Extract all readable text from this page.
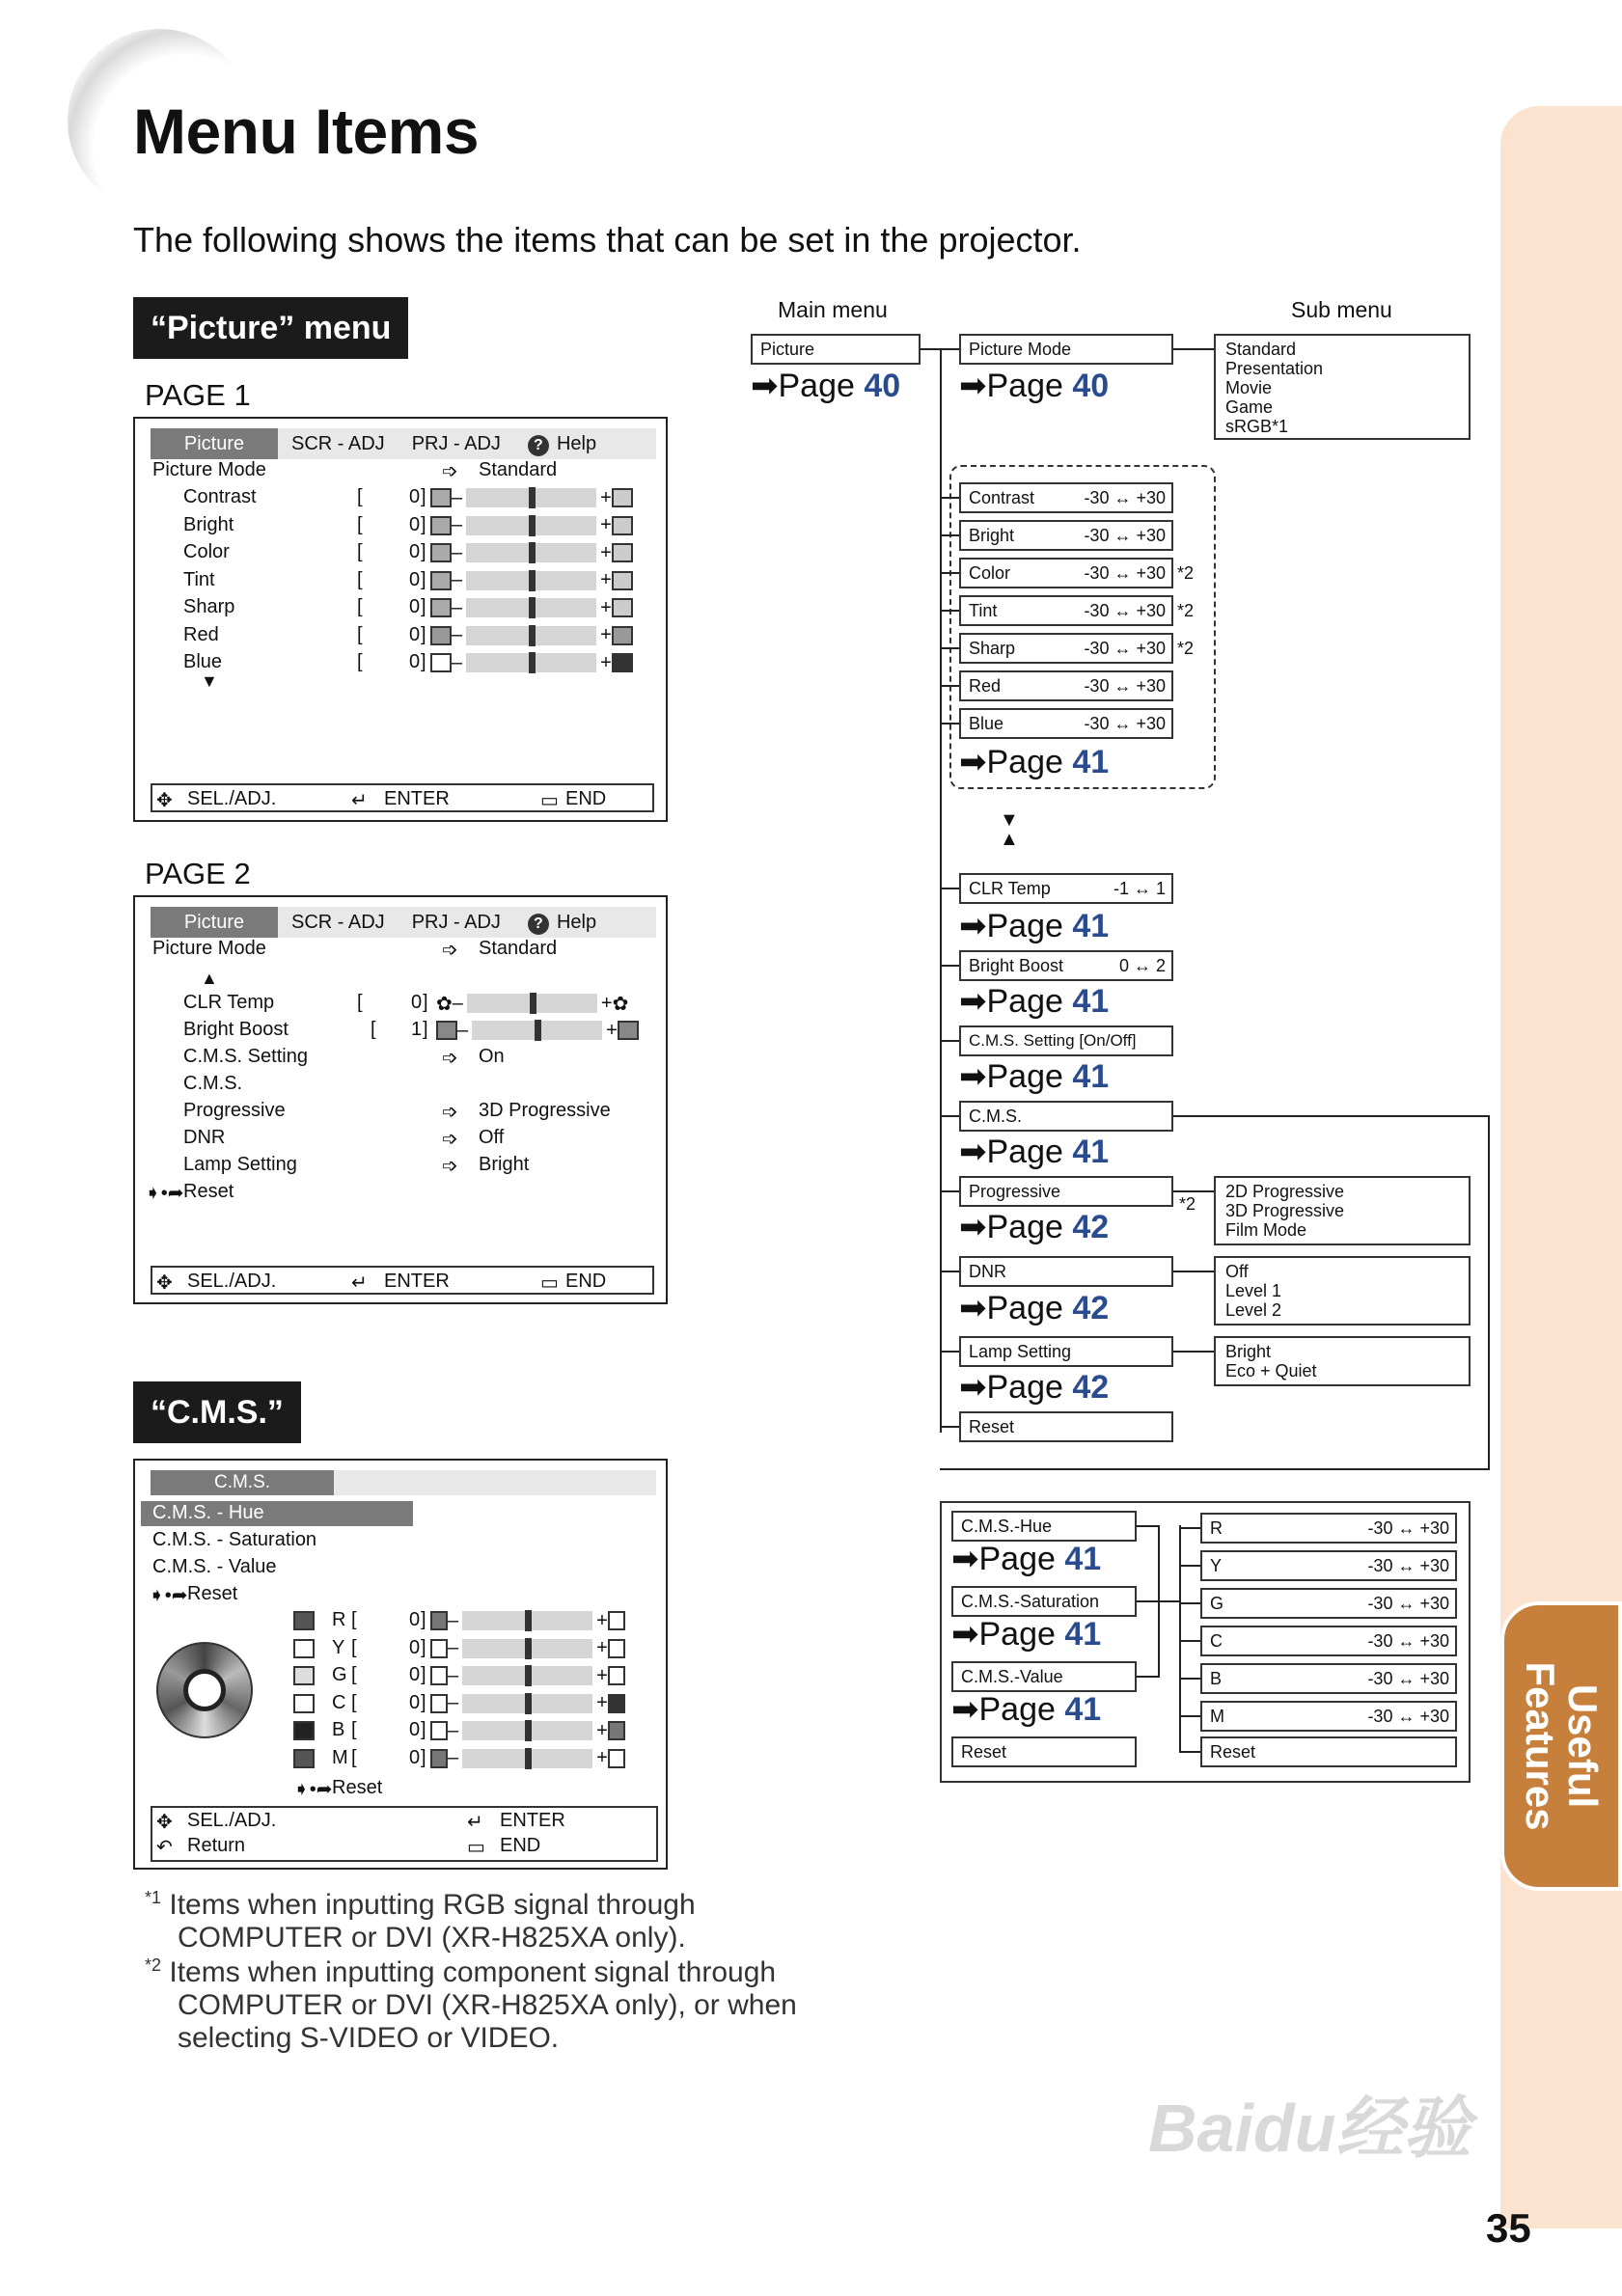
Menu Items
The following shows the items that can be set in the projector.
Useful
Features
“Picture” menu
PAGE 1
Picture	SCR - ADJ	PRJ - ADJ	? Help
Picture Mode	➩ Standard
▼
✥ SEL./ADJ.	↵ ENTER	▭ END
Contrast	[ 0 ] –	+
Bright	[ 0 ] –	+
Color	[ 0 ] –	+
Tint	[ 0 ] –	+
Sharp	[ 0 ] –	+
Red	[ 0 ] –	+
Blue	[ 0 ] –	+
PAGE 2
Picture	SCR - ADJ	PRJ - ADJ	? Help
Picture Mode	➩ Standard
▲
CLR Temp	[	0 ] ✿ –	+ ✿
Bright Boost	[ 1 ] –	+
C.M.S. Setting	➩ On
C.M.S.
Progressive	➩ 3D Progressive
DNR	➩ Off
Lamp Setting	➩ Bright
➧•➦ Reset
✥ SEL./ADJ.	↵ ENTER	▭ END
“C.M.S.”
C.M.S.
C.M.S. - Hue
C.M.S. - Saturation
C.M.S. - Value
➧•➦ Reset
➧•➦ Reset
✥ SEL./ADJ.
↶ Return
↵ ENTER
▭ END
R [	0 ] –	+
Y [	0 ] –	+
G [	0 ] –	+
C [	0 ] –	+
B [	0 ] –	+
M [	0 ] –	+
$^{*1}$ Items when inputting RGB signal through
COMPUTER or DVI (XR-H825XA only).
$^{*2}$ Items when inputting component signal through
COMPUTER or DVI (XR-H825XA only), or when
selecting S-VIDEO or VIDEO.
Main menu	Sub menu
Picture
➡Page 40
Picture Mode	Standard
Presentation
Movie
Game
sRGB*1
➡Page 40
Contrast	-30 ↔ +30
Bright	-30 ↔ +30
Color	-30 ↔ +30 *2
Tint	-30 ↔ +30 *2
Sharp	-30 ↔ +30 *2
Red	-30 ↔ +30
Blue	-30 ↔ +30
➡Page 41
▼
▲
CLR Temp	-1 ↔ 1
➡Page 41
Bright Boost	0 ↔ 2
➡Page 41
C.M.S. Setting [On/Off]
➡Page 41
C.M.S.
➡Page 41
Progressive
*2
2D Progressive
3D Progressive
Film Mode
➡Page 42
DNR	Off
Level 1
Level 2
➡Page 42
Lamp Setting	Bright
Eco + Quiet
➡Page 42
Reset
C.M.S.-Hue
➡Page 41
C.M.S.-Saturation
➡Page 41
C.M.S.-Value
➡Page 41
Reset
R	-30 ↔ +30
Y	-30 ↔ +30
G	-30 ↔ +30
C	-30 ↔ +30
B	-30 ↔ +30
M	-30 ↔ +30
Reset
Baidu经验
35
